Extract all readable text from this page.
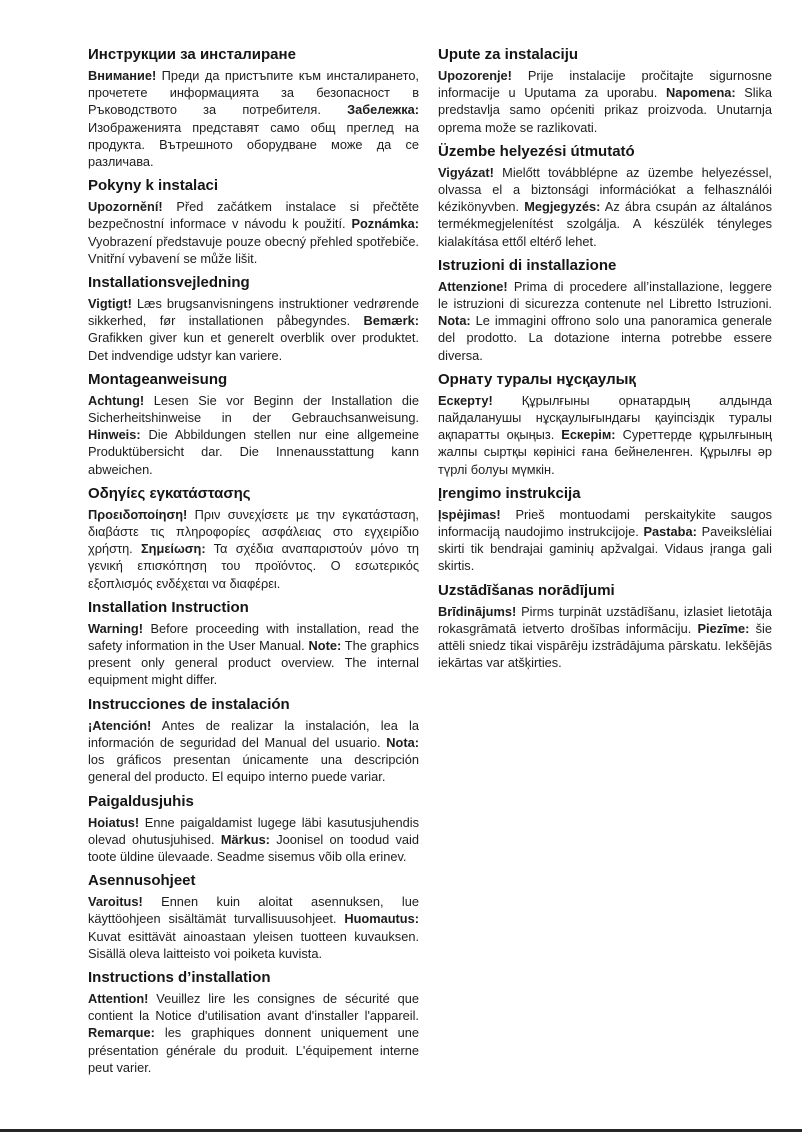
Инструкции за инсталиране

Внимание! Преди да пристъпите към инсталирането, прочетете информацията за безопасност в Ръководството за потребителя. Забележка: Изображенията представят само общ преглед на продукта. Вътрешното оборудване може да се различава.

Pokyny k instalaci

Upozornění! Před začátkem instalace si přečtěte bezpečnostní informace v návodu k použití. Poznámka: Vyobrazení představuje pouze obecný přehled spotřebiče. Vnitřní vybavení se může lišit.

Installationsvejledning

Vigtigt! Læs brugsanvisningens instruktioner vedrørende sikkerhed, før installationen påbegyndes. Bemærk: Grafikken giver kun et generelt overblik over produktet. Det indvendige udstyr kan variere.

Montageanweisung

Achtung! Lesen Sie vor Beginn der Installation die Sicherheitshinweise in der Gebrauchsanweisung. Hinweis: Die Abbildungen stellen nur eine allgemeine Produktübersicht dar. Die Innenausstattung kann abweichen.

Οδηγίες εγκατάστασης

Προειδοποίηση! Πριν συνεχίσετε με την εγκατάσταση, διαβάστε τις πληροφορίες ασφάλειας στο εγχειρίδιο χρήστη. Σημείωση: Τα σχέδια αναπαριστούν μόνο τη γενική επισκόπηση του προϊόντος. Ο εσωτερικός εξοπλισμός ενδέχεται να διαφέρει.

Installation Instruction

Warning! Before proceeding with installation, read the safety information in the User Manual. Note: The graphics present only general product overview. The internal equipment might differ.

Instrucciones de instalación

¡Atención! Antes de realizar la instalación, lea la información de seguridad del Manual del usuario. Nota: los gráficos presentan únicamente una descripción general del producto. El equipo interno puede variar.

Paigaldusjuhis

Hoiatus! Enne paigaldamist lugege läbi kasutusjuhendis olevad ohutusjuhised. Märkus: Joonisel on toodud vaid toote üldine ülevaade. Seadme sisemus võib olla erinev.

Asennusohjeet

Varoitus! Ennen kuin aloitat asennuksen, lue käyttöohjeen sisältämät turvallisuusohjeet. Huomautus: Kuvat esittävät ainoastaan yleisen tuotteen kuvauksen. Sisällä oleva laitteisto voi poiketa kuvista.

Instructions d’installation

Attention! Veuillez lire les consignes de sécurité que contient la Notice d'utilisation avant d'installer l'appareil. Remarque: les graphiques donnent uniquement une présentation générale du produit. L'équipement interne peut varier.

Upute za instalaciju

Upozorenje! Prije instalacije pročitajte sigurnosne informacije u Uputama za uporabu. Napomena: Slika predstavlja samo općeniti prikaz proizvoda. Unutarnja oprema može se razlikovati.

Üzembe helyezési útmutató

Vigyázat! Mielőtt továbblépne az üzembe helyezéssel, olvassa el a biztonsági információkat a felhasználói kézikönyvben. Megjegyzés: Az ábra csupán az általános termékmegjelenítést szolgálja. A készülék tényleges kialakítása ettől eltérő lehet.

Istruzioni di installazione

Attenzione! Prima di procedere all’installazione, leggere le istruzioni di sicurezza contenute nel Libretto Istruzioni. Nota: Le immagini offrono solo una panoramica generale del prodotto. La dotazione interna potrebbe essere diversa.

Орнату туралы нұсқаулық

Ескерту! Құрылғыны орнатардың алдында пайдаланушы нұсқаулығындағы қауіпсіздік туралы ақпаратты оқыңыз. Ескерім: Суреттерде құрылғының жалпы сыртқы көрінісі ғана бейнеленген. Құрылғы әр түрлі болуы мүмкін.

Įrengimo instrukcija

Įspėjimas! Prieš montuodami perskaitykite saugos informaciją naudojimo instrukcijoje. Pastaba: Paveikslėliai skirti tik bendrajai gaminių apžvalgai. Vidaus įranga gali skirtis.

Uzstādīšanas norādījumi

Brīdinājums! Pirms turpināt uzstādīšanu, izlasiet lietotāja rokasgrāmatā ietverto drošības informāciju. Piezīme: šie attēli sniedz tikai vispārēju izstrādājuma pārskatu. Iekšējās iekārtas var atšķirties.
